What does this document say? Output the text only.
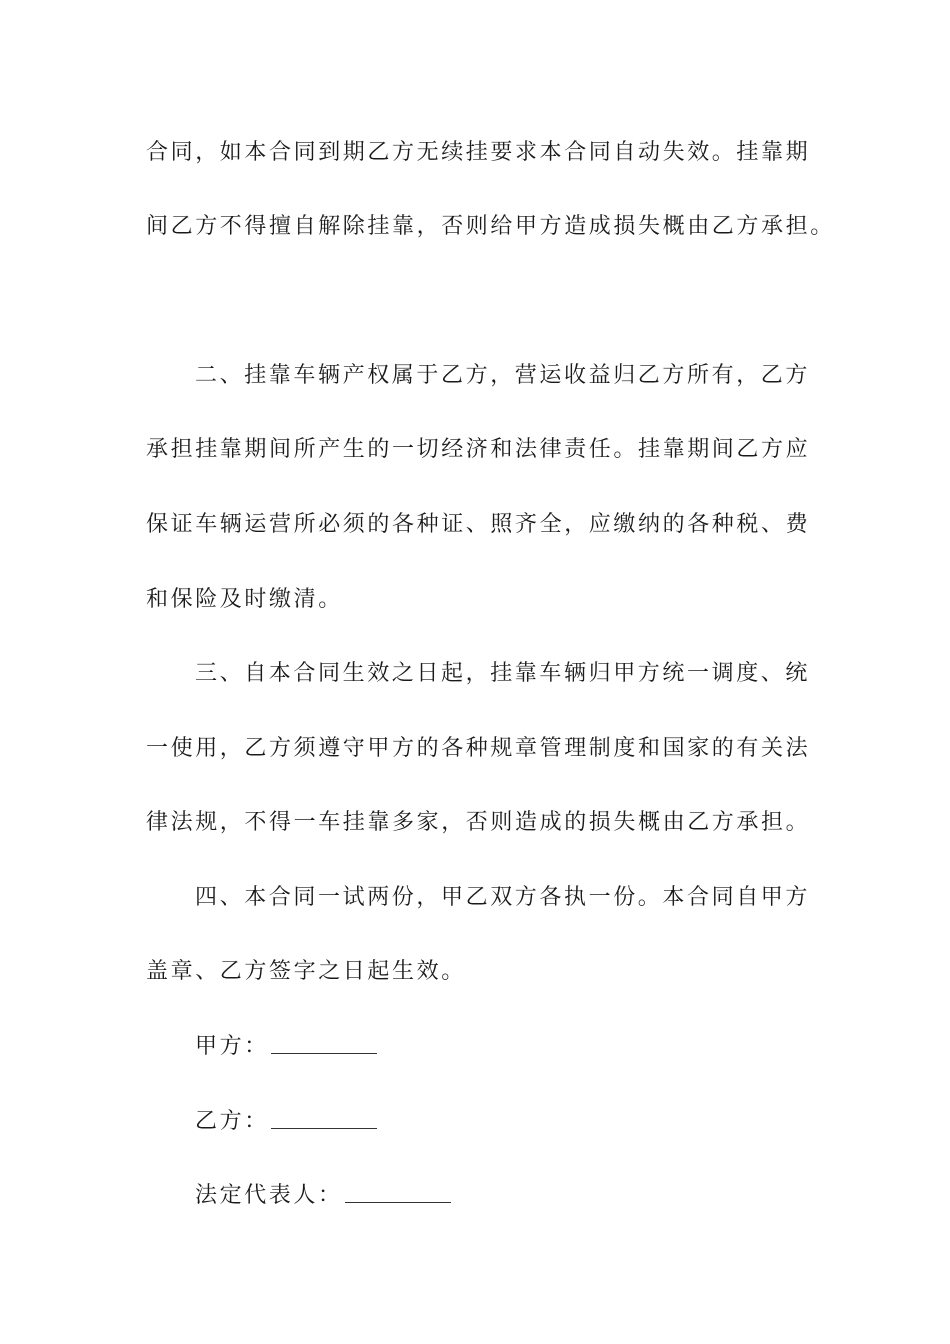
合同，如本合同到期乙方无续挂要求本合同自动失效。挂靠期
间乙方不得擅自解除挂靠，否则给甲方造成损失概由乙方承担。
二、挂靠车辆产权属于乙方，营运收益归乙方所有，乙方
承担挂靠期间所产生的一切经济和法律责任。挂靠期间乙方应
保证车辆运营所必须的各种证、照齐全，应缴纳的各种税、费
和保险及时缴清。
三、自本合同生效之日起，挂靠车辆归甲方统一调度、统
一使用，乙方须遵守甲方的各种规章管理制度和国家的有关法
律法规，不得一车挂靠多家，否则造成的损失概由乙方承担。
四、本合同一试两份，甲乙双方各执一份。本合同自甲方
盖章、乙方签字之日起生效。
甲方：
乙方：
法定代表人：
